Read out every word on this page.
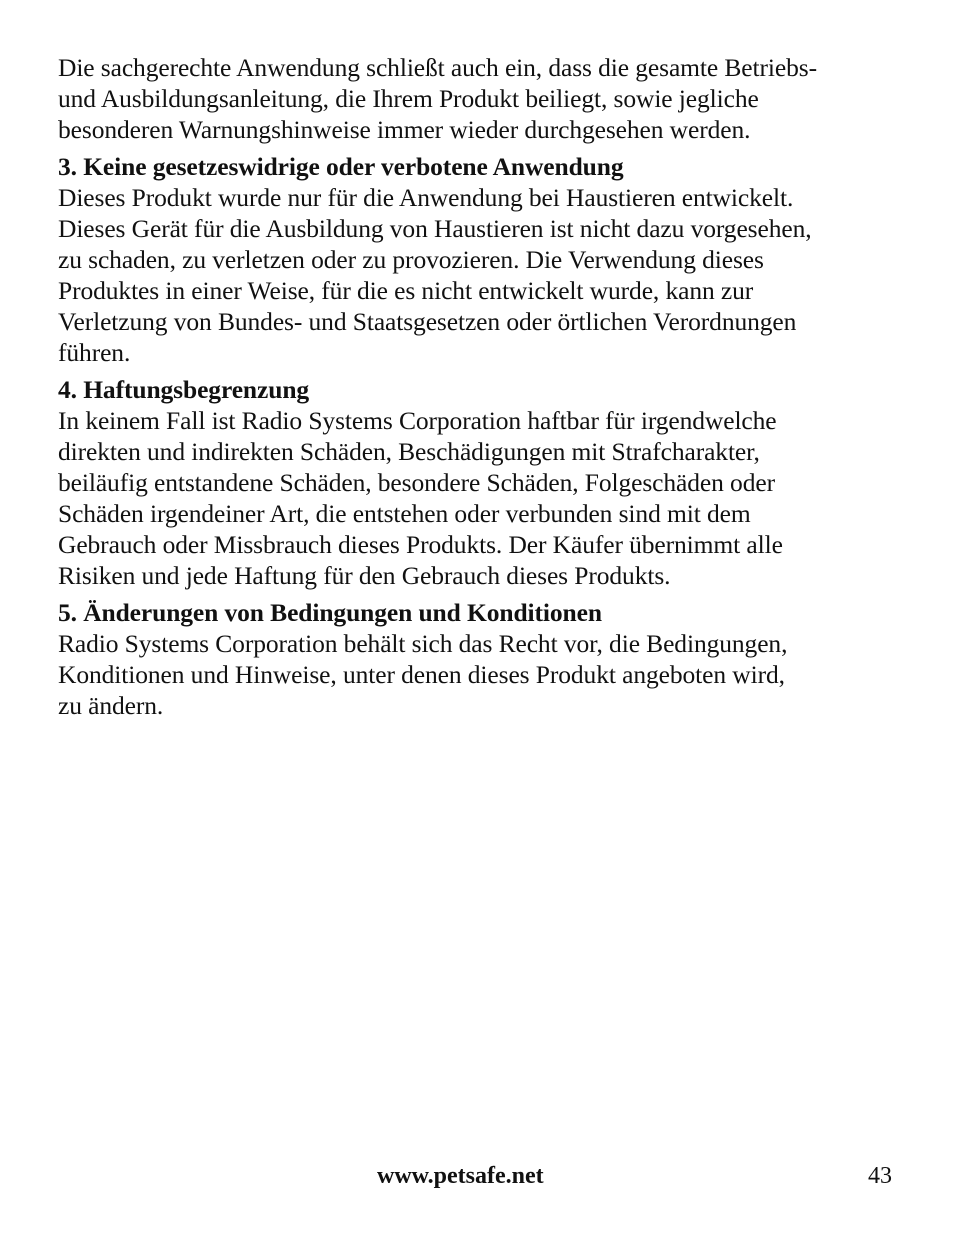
Die sachgerechte Anwendung schließt auch ein, dass die gesamte Betriebs-
und Ausbildungsanleitung, die Ihrem Produkt beiliegt, sowie jegliche
besonderen Warnungshinweise immer wieder durchgesehen werden.

3. Keine gesetzeswidrige oder verbotene Anwendung
Dieses Produkt wurde nur für die Anwendung bei Haustieren entwickelt.
Dieses Gerät für die Ausbildung von Haustieren ist nicht dazu vorgesehen,
zu schaden, zu verletzen oder zu provozieren. Die Verwendung dieses
Produktes in einer Weise, für die es nicht entwickelt wurde, kann zur
Verletzung von Bundes- und Staatsgesetzen oder örtlichen Verordnungen
führen.

4. Haftungsbegrenzung
In keinem Fall ist Radio Systems Corporation haftbar für irgendwelche
direkten und indirekten Schäden, Beschädigungen mit Strafcharakter,
beiläufig entstandene Schäden, besondere Schäden, Folgeschäden oder
Schäden irgendeiner Art, die entstehen oder verbunden sind mit dem
Gebrauch oder Missbrauch dieses Produkts. Der Käufer übernimmt alle
Risiken und jede Haftung für den Gebrauch dieses Produkts.

5. Änderungen von Bedingungen und Konditionen
Radio Systems Corporation behält sich das Recht vor, die Bedingungen,
Konditionen und Hinweise, unter denen dieses Produkt angeboten wird,
zu ändern.

www.petsafe.net	43
